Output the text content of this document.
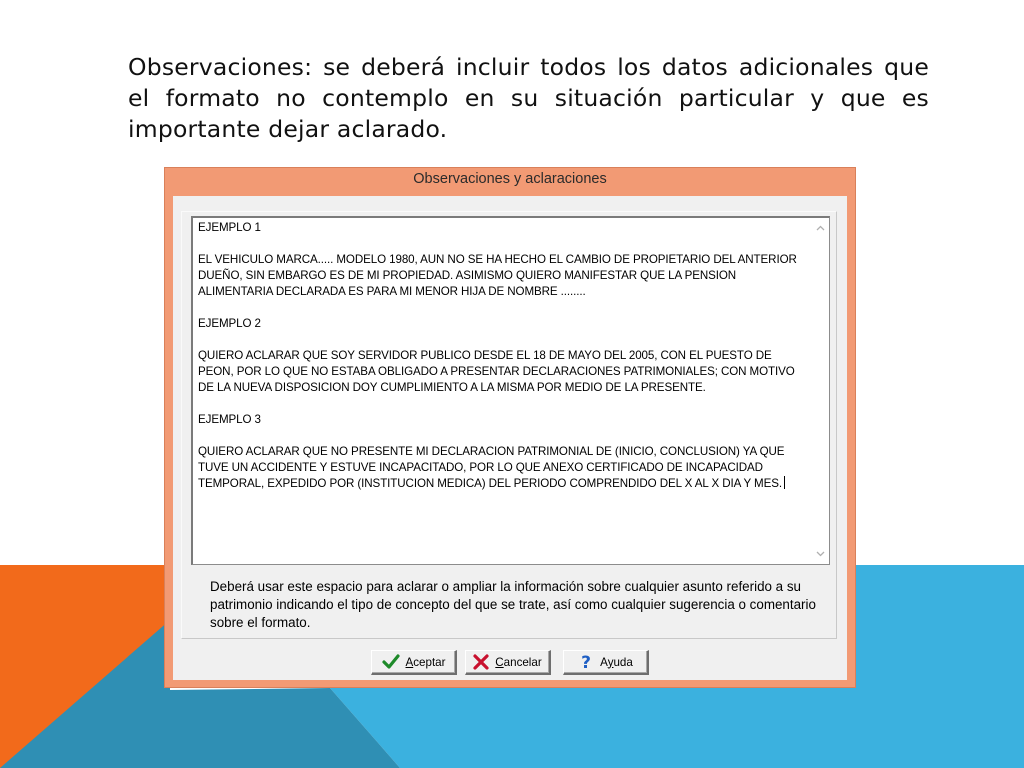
Observaciones: se deberá incluir todos los datos adicionales que el formato no contemplo en su situación particular y que es importante dejar aclarado.
Observaciones y aclaraciones
EJEMPLO 1

EL VEHICULO MARCA..... MODELO 1980, AUN NO SE HA HECHO EL CAMBIO DE PROPIETARIO DEL ANTERIOR DUEÑO, SIN EMBARGO ES DE MI PROPIEDAD. ASIMISMO QUIERO MANIFESTAR QUE LA PENSION ALIMENTARIA DECLARADA ES PARA MI MENOR HIJA DE NOMBRE ........

EJEMPLO 2

QUIERO ACLARAR QUE SOY SERVIDOR PUBLICO DESDE EL 18 DE MAYO DEL 2005, CON EL PUESTO DE PEON, POR LO QUE NO ESTABA OBLIGADO A PRESENTAR DECLARACIONES PATRIMONIALES; CON MOTIVO DE LA NUEVA DISPOSICION DOY CUMPLIMIENTO A LA MISMA POR MEDIO DE LA PRESENTE.

EJEMPLO 3

QUIERO ACLARAR QUE NO PRESENTE MI DECLARACION PATRIMONIAL DE (INICIO, CONCLUSION) YA QUE TUVE UN ACCIDENTE Y ESTUVE INCAPACITADO, POR LO QUE ANEXO CERTIFICADO DE INCAPACIDAD TEMPORAL, EXPEDIDO POR (INSTITUCION MEDICA) DEL PERIODO COMPRENDIDO DEL X AL X DIA Y MES.
Deberá usar este espacio para aclarar o ampliar la información sobre cualquier asunto referido a su patrimonio indicando el tipo de concepto del que se trate, así como cualquier sugerencia o comentario sobre el formato.
Aceptar	Cancelar ? Ayuda
